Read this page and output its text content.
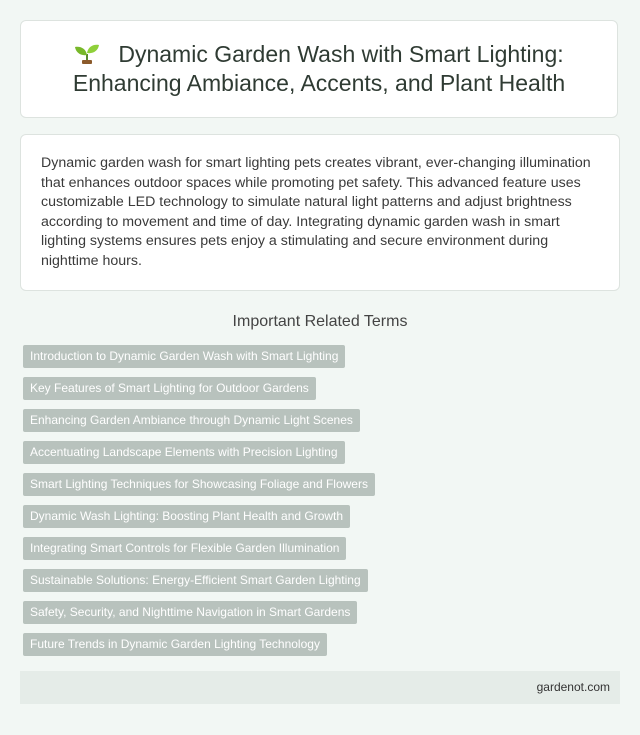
Dynamic Garden Wash with Smart Lighting: Enhancing Ambiance, Accents, and Plant Health

Dynamic garden wash for smart lighting pets creates vibrant, ever-changing illumination that enhances outdoor spaces while promoting pet safety. This advanced feature uses customizable LED technology to simulate natural light patterns and adjust brightness according to movement and time of day. Integrating dynamic garden wash in smart lighting systems ensures pets enjoy a stimulating and secure environment during nighttime hours.

Important Related Terms
Introduction to Dynamic Garden Wash with Smart Lighting
Key Features of Smart Lighting for Outdoor Gardens
Enhancing Garden Ambiance through Dynamic Light Scenes
Accentuating Landscape Elements with Precision Lighting
Smart Lighting Techniques for Showcasing Foliage and Flowers
Dynamic Wash Lighting: Boosting Plant Health and Growth
Integrating Smart Controls for Flexible Garden Illumination
Sustainable Solutions: Energy-Efficient Smart Garden Lighting
Safety, Security, and Nighttime Navigation in Smart Gardens
Future Trends in Dynamic Garden Lighting Technology
gardenot.com
